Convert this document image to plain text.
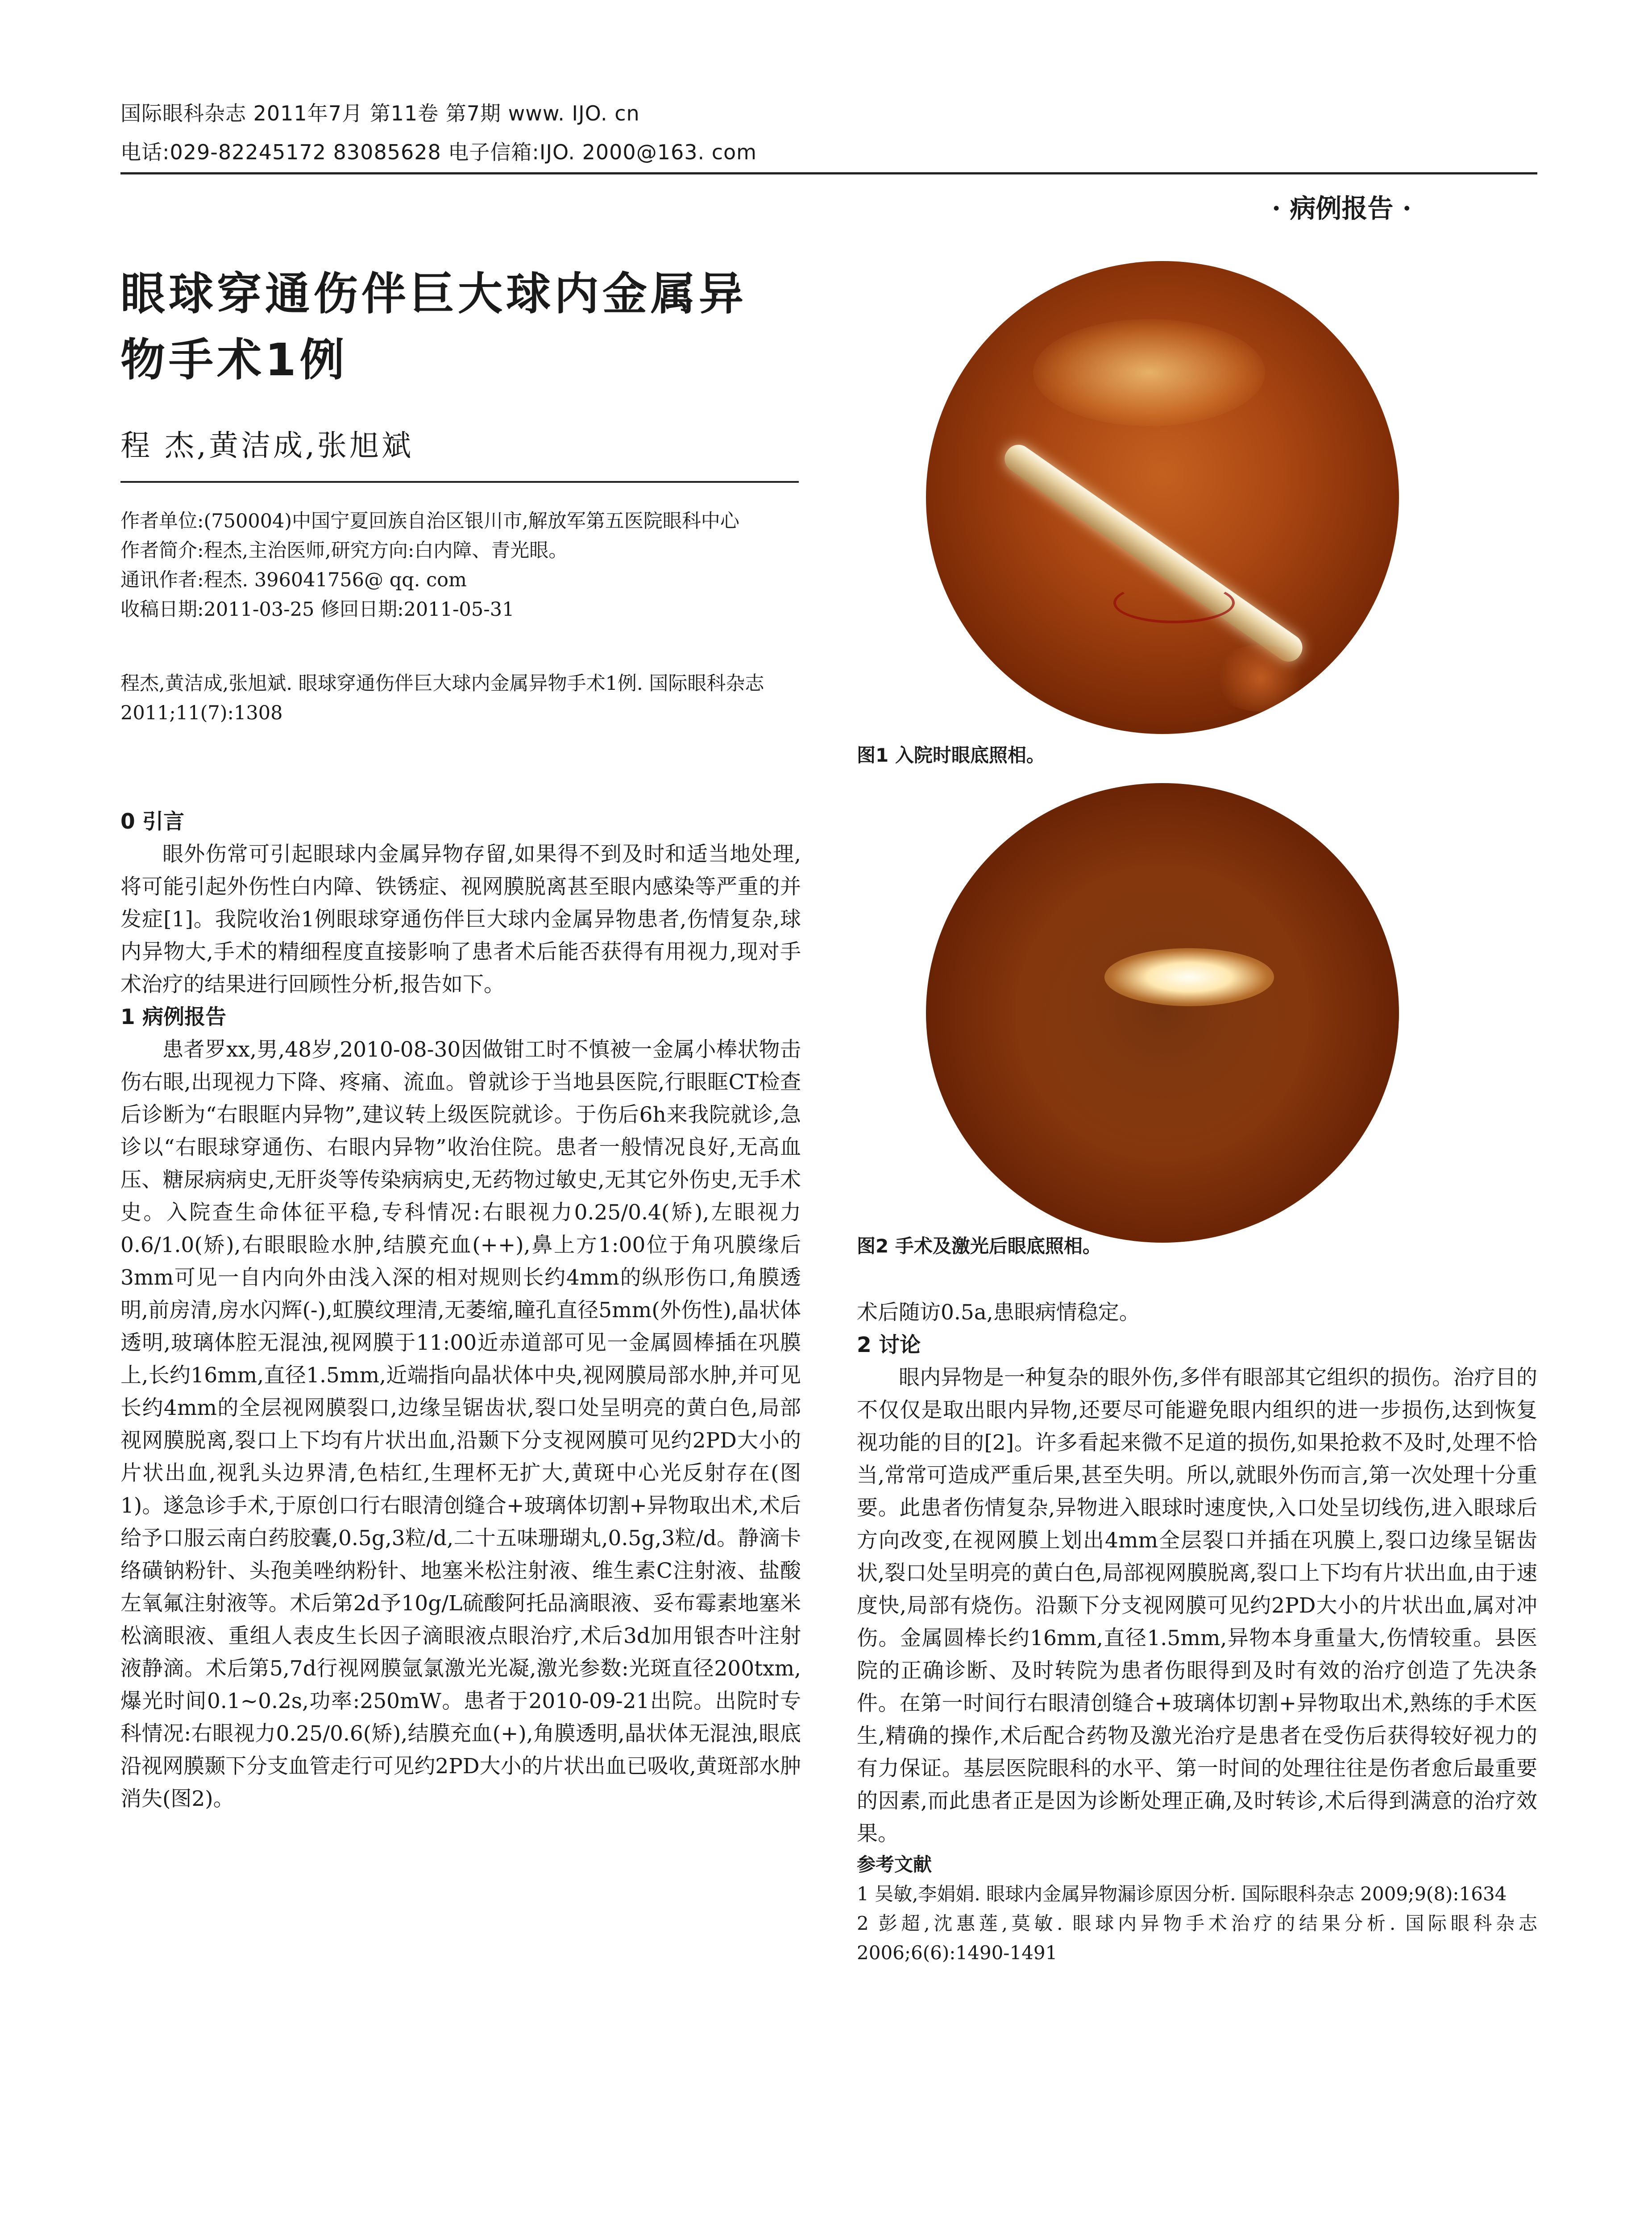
国际眼科杂志 2011年7月 第11卷 第7期 www. IJO. cn
电话:029-82245172 83085628 电子信箱:IJO. 2000@163. com
· 病例报告 ·
眼球穿通伤伴巨大球内金属异
物手术1例
程 杰,黄洁成,张旭斌
作者单位:(750004)中国宁夏回族自治区银川市,解放军第五医院眼科中心
作者简介:程杰,主治医师,研究方向:白内障、青光眼。
通讯作者:程杰. 396041756@ qq. com
收稿日期:2011-03-25 修回日期:2011-05-31
程杰,黄洁成,张旭斌. 眼球穿通伤伴巨大球内金属异物手术1例. 国际眼科杂志 2011;11(7):1308
0 引言

眼外伤常可引起眼球内金属异物存留,如果得不到及时和适当地处理,将可能引起外伤性白内障、铁锈症、视网膜脱离甚至眼内感染等严重的并发症[1]。我院收治1例眼球穿通伤伴巨大球内金属异物患者,伤情复杂,球内异物大,手术的精细程度直接影响了患者术后能否获得有用视力,现对手术治疗的结果进行回顾性分析,报告如下。

1 病例报告

患者罗xx,男,48岁,2010-08-30因做钳工时不慎被一金属小棒状物击伤右眼,出现视力下降、疼痛、流血。曾就诊于当地县医院,行眼眶CT检查后诊断为“右眼眶内异物”,建议转上级医院就诊。于伤后6h来我院就诊,急诊以“右眼球穿通伤、右眼内异物”收治住院。患者一般情况良好,无高血压、糖尿病病史,无肝炎等传染病病史,无药物过敏史,无其它外伤史,无手术史。入院查生命体征平稳,专科情况:右眼视力0.25/0.4(矫),左眼视力0.6/1.0(矫),右眼眼睑水肿,结膜充血(++),鼻上方1:00位于角巩膜缘后3mm可见一自内向外由浅入深的相对规则长约4mm的纵形伤口,角膜透明,前房清,房水闪辉(-),虹膜纹理清,无萎缩,瞳孔直径5mm(外伤性),晶状体透明,玻璃体腔无混浊,视网膜于11:00近赤道部可见一金属圆棒插在巩膜上,长约16mm,直径1.5mm,近端指向晶状体中央,视网膜局部水肿,并可见长约4mm的全层视网膜裂口,边缘呈锯齿状,裂口处呈明亮的黄白色,局部视网膜脱离,裂口上下均有片状出血,沿颞下分支视网膜可见约2PD大小的片状出血,视乳头边界清,色桔红,生理杯无扩大,黄斑中心光反射存在(图1)。遂急诊手术,于原创口行右眼清创缝合+玻璃体切割+异物取出术,术后给予口服云南白药胶囊,0.5g,3粒/d,二十五味珊瑚丸,0.5g,3粒/d。静滴卡络磺钠粉针、头孢美唑纳粉针、地塞米松注射液、维生素C注射液、盐酸左氧氟注射液等。术后第2d予10g/L硫酸阿托品滴眼液、妥布霉素地塞米松滴眼液、重组人表皮生长因子滴眼液点眼治疗,术后3d加用银杏叶注射液静滴。术后第5,7d行视网膜氩氯激光光凝,激光参数:光斑直径200txm,爆光时间0.1~0.2s,功率:250mW。患者于2010-09-21出院。出院时专科情况:右眼视力0.25/0.6(矫),结膜充血(+),角膜透明,晶状体无混浊,眼底沿视网膜颞下分支血管走行可见约2PD大小的片状出血已吸收,黄斑部水肿消失(图2)。

图1 入院时眼底照相。
图2 手术及激光后眼底照相。
术后随访0.5a,患眼病情稳定。
2 讨论

眼内异物是一种复杂的眼外伤,多伴有眼部其它组织的损伤。治疗目的不仅仅是取出眼内异物,还要尽可能避免眼内组织的进一步损伤,达到恢复视功能的目的[2]。许多看起来微不足道的损伤,如果抢救不及时,处理不恰当,常常可造成严重后果,甚至失明。所以,就眼外伤而言,第一次处理十分重要。此患者伤情复杂,异物进入眼球时速度快,入口处呈切线伤,进入眼球后方向改变,在视网膜上划出4mm全层裂口并插在巩膜上,裂口边缘呈锯齿状,裂口处呈明亮的黄白色,局部视网膜脱离,裂口上下均有片状出血,由于速度快,局部有烧伤。沿颞下分支视网膜可见约2PD大小的片状出血,属对冲伤。金属圆棒长约16mm,直径1.5mm,异物本身重量大,伤情较重。县医院的正确诊断、及时转院为患者伤眼得到及时有效的治疗创造了先决条件。在第一时间行右眼清创缝合+玻璃体切割+异物取出术,熟练的手术医生,精确的操作,术后配合药物及激光治疗是患者在受伤后获得较好视力的有力保证。基层医院眼科的水平、第一时间的处理往往是伤者愈后最重要的因素,而此患者正是因为诊断处理正确,及时转诊,术后得到满意的治疗效果。

参考文献
1 吴敏,李娟娟. 眼球内金属异物漏诊原因分析. 国际眼科杂志 2009;9(8):1634
2 彭超,沈惠莲,莫敏. 眼球内异物手术治疗的结果分析. 国际眼科杂志 2006;6(6):1490-1491
